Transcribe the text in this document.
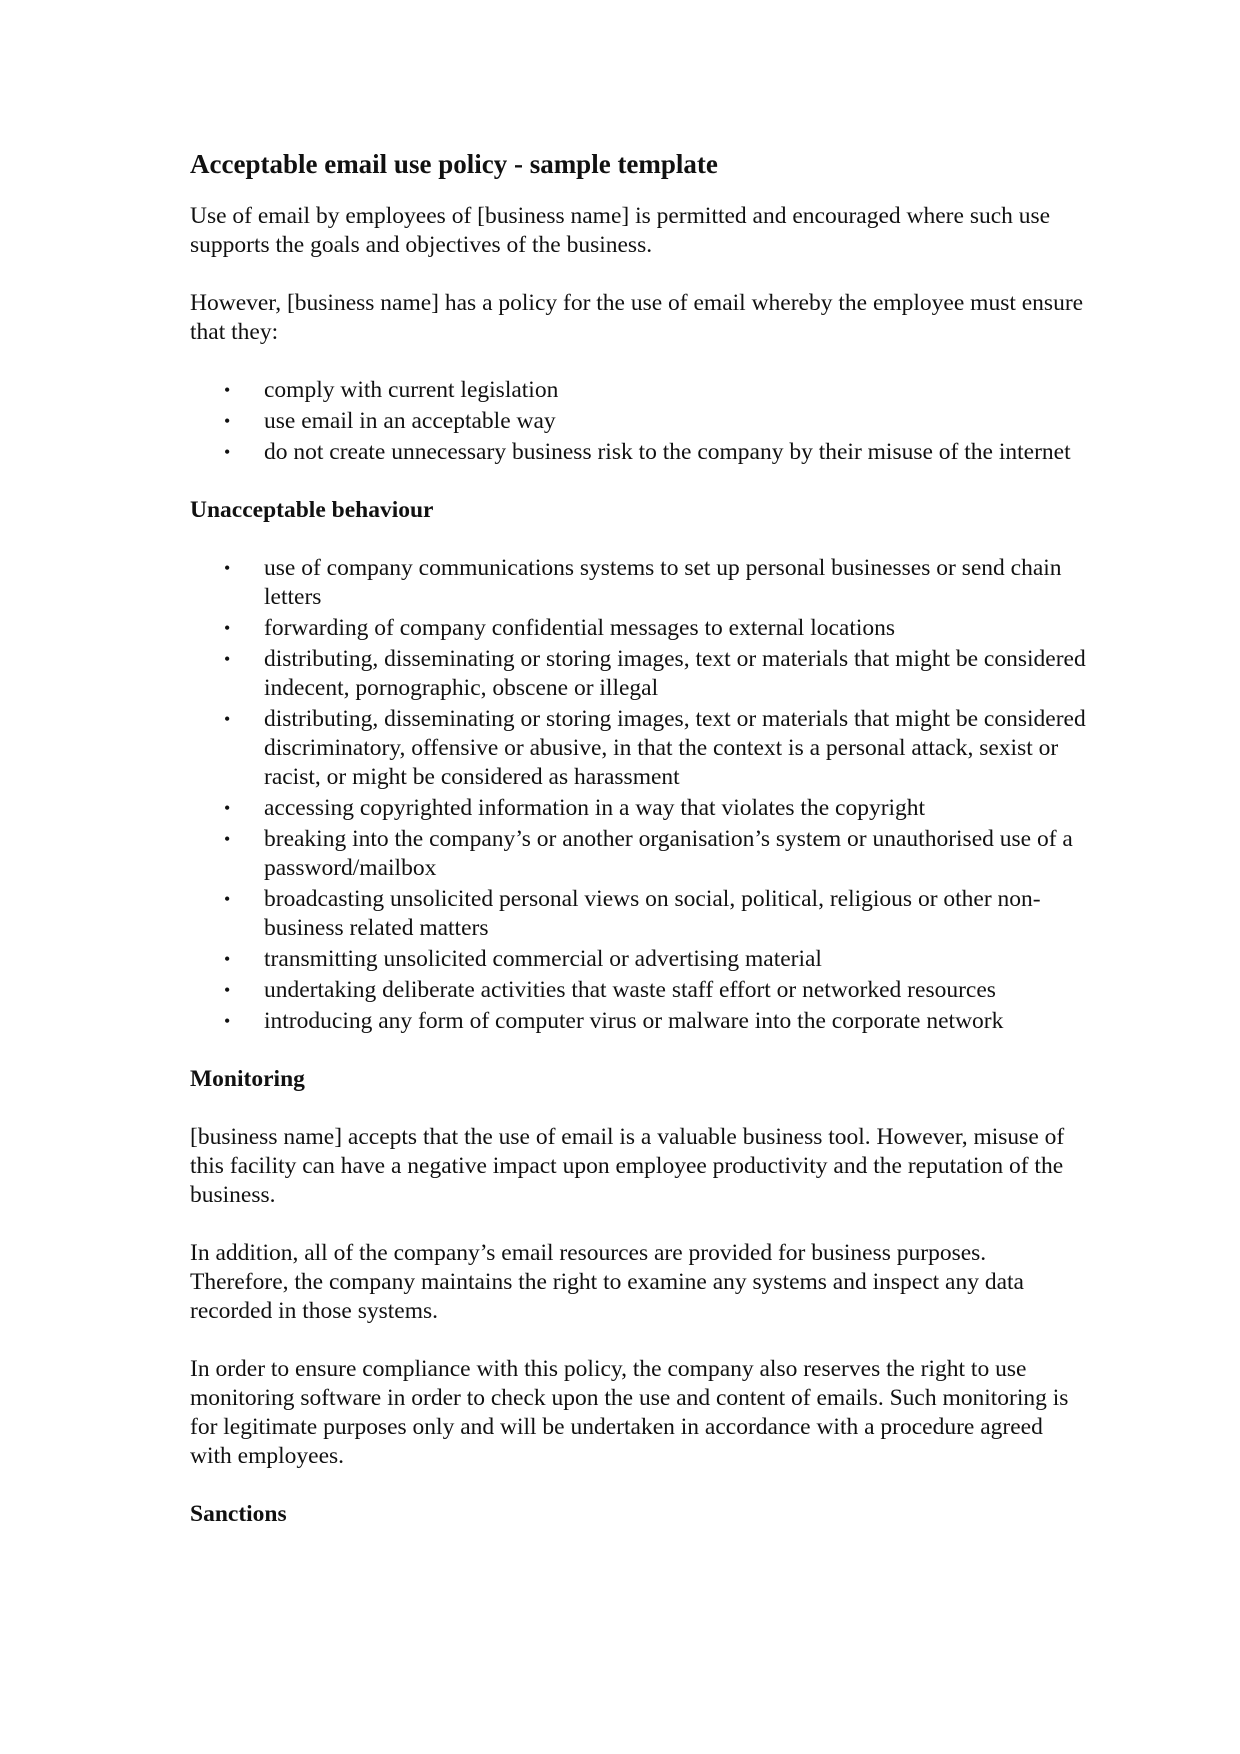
Acceptable email use policy - sample template

Use of email by employees of [business name] is permitted and encouraged where such use supports the goals and objectives of the business.

However, [business name] has a policy for the use of email whereby the employee must ensure that they:

• comply with current legislation
• use email in an acceptable way
• do not create unnecessary business risk to the company by their misuse of the internet
Unacceptable behaviour
• use of company communications systems to set up personal businesses or send chain letters
• forwarding of company confidential messages to external locations
• distributing, disseminating or storing images, text or materials that might be considered indecent, pornographic, obscene or illegal
• distributing, disseminating or storing images, text or materials that might be considered discriminatory, offensive or abusive, in that the context is a personal attack, sexist or racist, or might be considered as harassment
• accessing copyrighted information in a way that violates the copyright
• breaking into the company’s or another organisation’s system or unauthorised use of a password/mailbox
• broadcasting unsolicited personal views on social, political, religious or other non-business related matters
• transmitting unsolicited commercial or advertising material
• undertaking deliberate activities that waste staff effort or networked resources
• introducing any form of computer virus or malware into the corporate network
Monitoring

[business name] accepts that the use of email is a valuable business tool. However, misuse of this facility can have a negative impact upon employee productivity and the reputation of the business.

In addition, all of the company’s email resources are provided for business purposes. Therefore, the company maintains the right to examine any systems and inspect any data recorded in those systems.

In order to ensure compliance with this policy, the company also reserves the right to use monitoring software in order to check upon the use and content of emails. Such monitoring is for legitimate purposes only and will be undertaken in accordance with a procedure agreed with employees.

Sanctions
